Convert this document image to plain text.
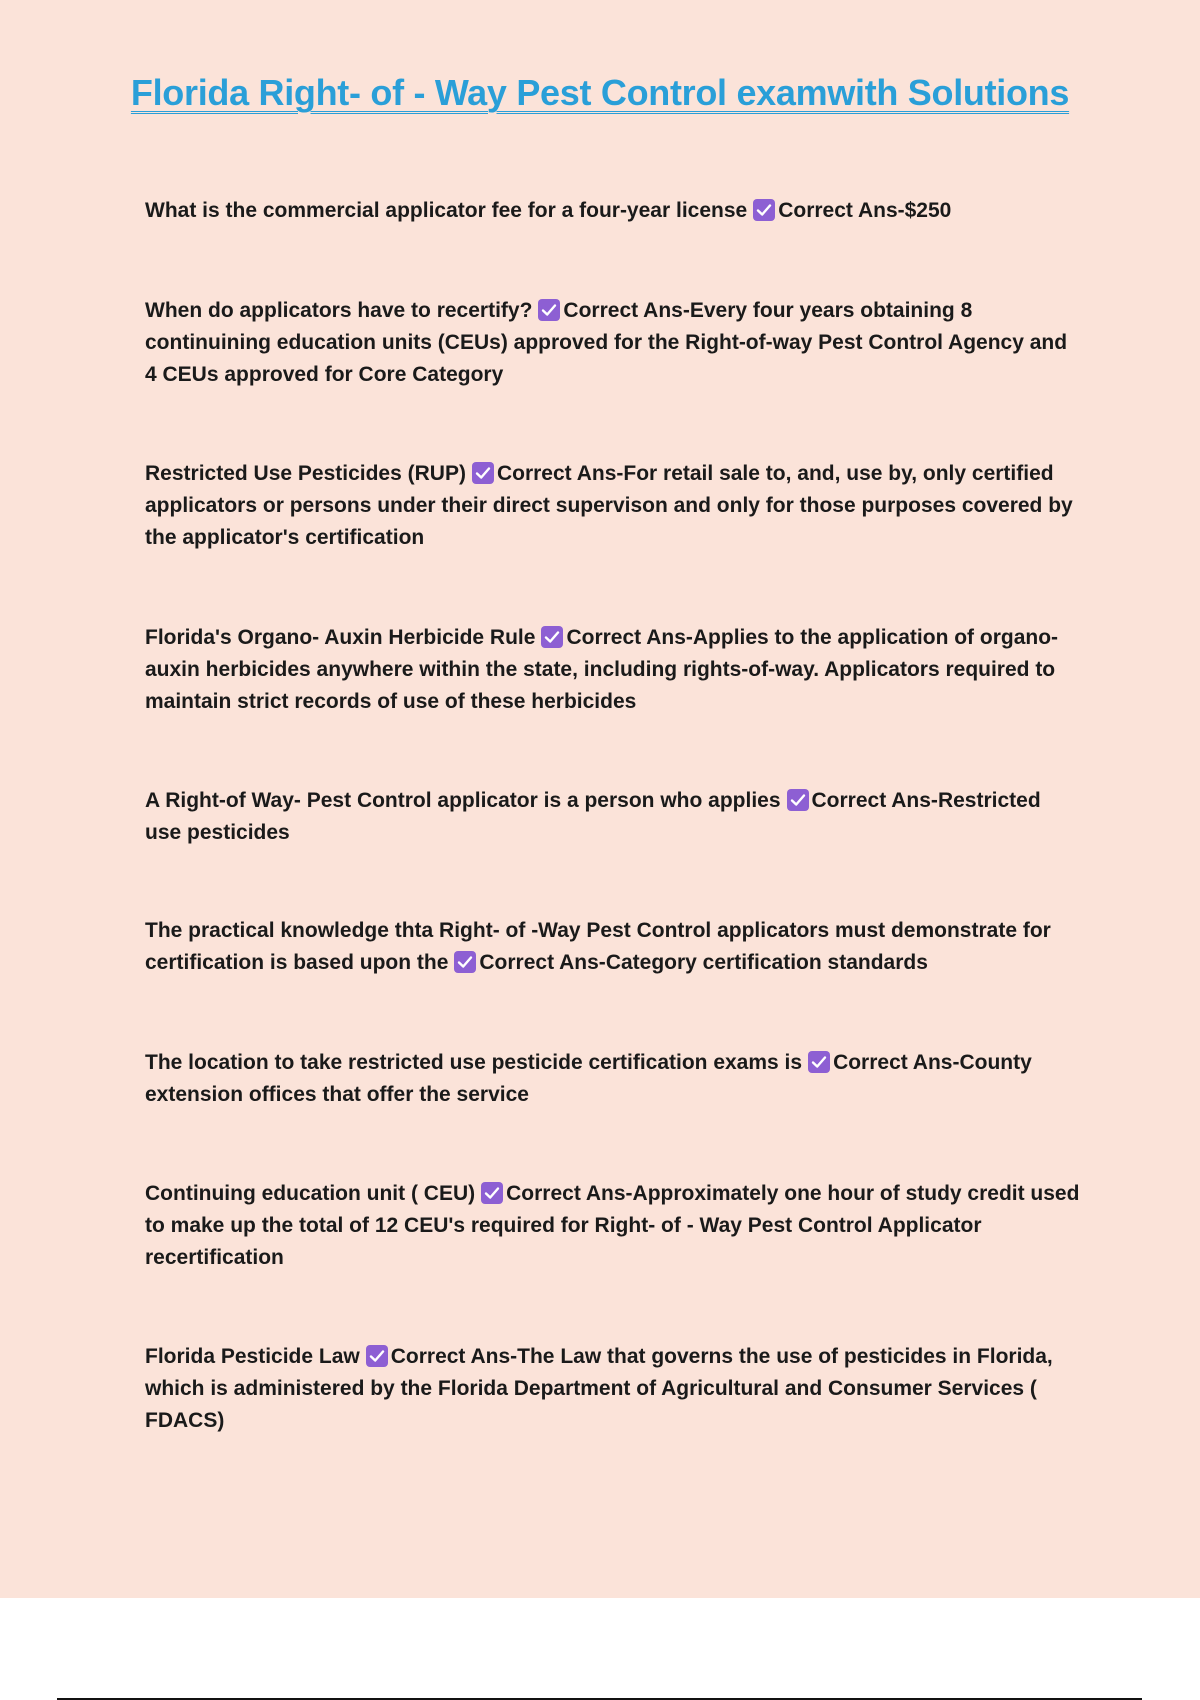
Florida Right- of - Way Pest Control examwith Solutions

What is the commercial applicator fee for a four-year license Correct Ans-$250

When do applicators have to recertify? Correct Ans-Every four years obtaining 8 continuining education units (CEUs) approved for the Right-of-way Pest Control Agency and 4 CEUs approved for Core Category

Restricted Use Pesticides (RUP) Correct Ans-For retail sale to, and, use by, only certified applicators or persons under their direct supervison and only for those purposes covered by the applicator's certification

Florida's Organo- Auxin Herbicide Rule Correct Ans-Applies to the application of organo- auxin herbicides anywhere within the state, including rights-of-way. Applicators required to maintain strict records of use of these herbicides

A Right-of Way- Pest Control applicator is a person who applies Correct Ans-Restricted use pesticides

The practical knowledge thta Right- of -Way Pest Control applicators must demonstrate for certification is based upon the Correct Ans-Category certification standards

The location to take restricted use pesticide certification exams is Correct Ans-County extension offices that offer the service

Continuing education unit ( CEU) Correct Ans-Approximately one hour of study credit used to make up the total of 12 CEU's required for Right- of - Way Pest Control Applicator recertification

Florida Pesticide Law Correct Ans-The Law that governs the use of pesticides in Florida, which is administered by the Florida Department of Agricultural and Consumer Services ( FDACS)
